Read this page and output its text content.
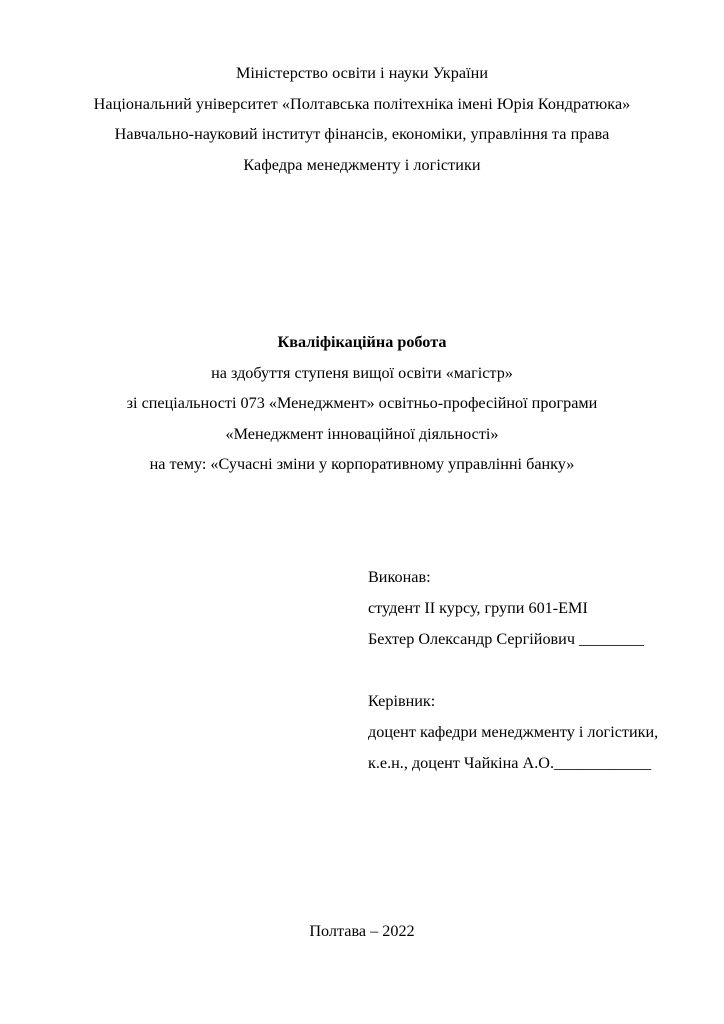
Міністерство освіти і науки України
Національний університет «Полтавська політехніка імені Юрія Кондратюка»
Навчально-науковий інститут фінансів, економіки, управління та права
Кафедра менеджменту і логістики
Кваліфікаційна робота
на здобуття ступеня вищої освіти «магістр»
зі спеціальності 073 «Менеджмент» освітньо-професійної програми
«Менеджмент інноваційної діяльності»
на тему: «Сучасні зміни у корпоративному управлінні банку»
Виконав:
студент ІІ курсу, групи 601-ЕМІ
Бехтер Олександр Сергійович ________
Керівник:
доцент кафедри менеджменту і логістики,
к.е.н., доцент Чайкіна А.О.____________
Полтава – 2022
